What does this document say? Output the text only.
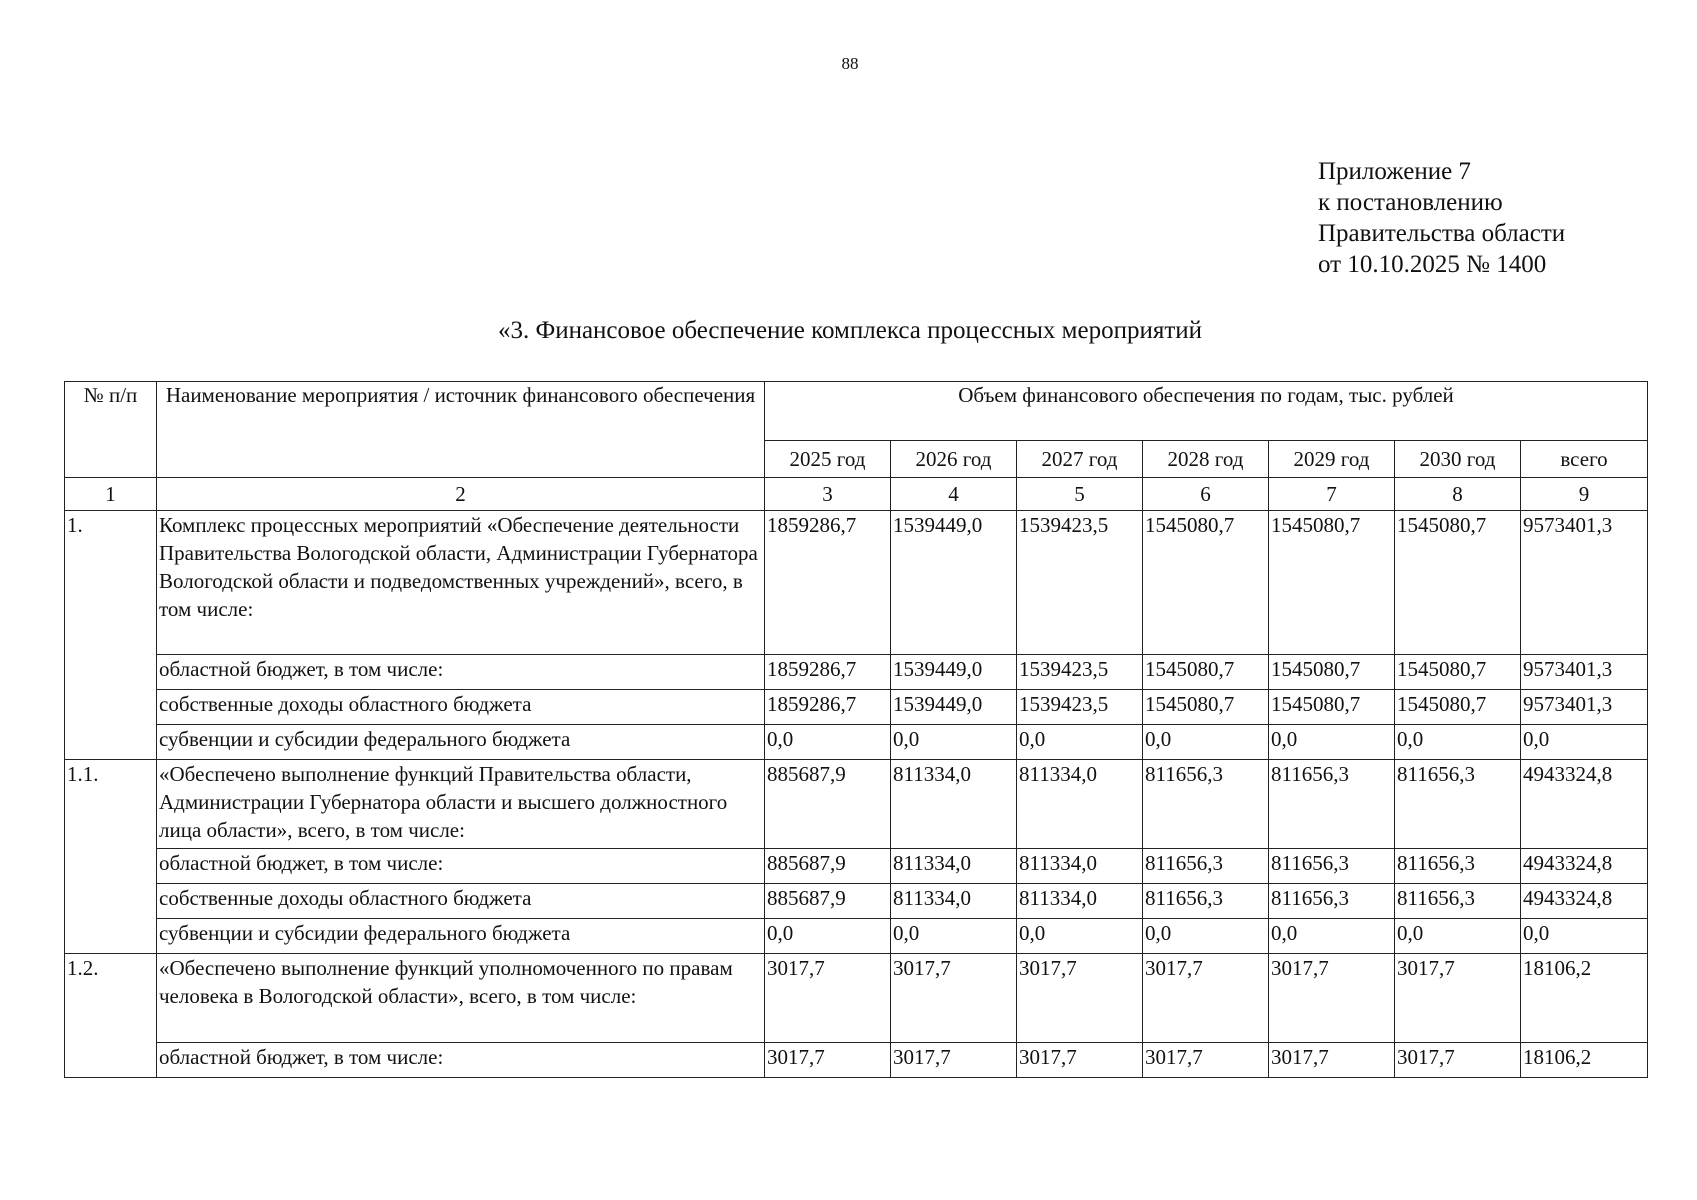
88
Приложение 7
к постановлению
Правительства области
от 10.10.2025 № 1400
«3. Финансовое обеспечение комплекса процессных мероприятий
№ п/п	Наименование мероприятия / источник финансового обеспечения	Объем финансового обеспечения по годам, тыс. рублей						
		2025 год	2026 год	2027 год	2028 год	2029 год	2030 год	всего
1	2	3	4	5	6	7	8	9
1.	Комплекс процессных мероприятий «Обеспечение деятельности Правительства Вологодской области, Администрации Губернатора Вологодской области и подведомственных учреждений», всего, в том числе:	1859286,7	1539449,0	1539423,5	1545080,7	1545080,7	1545080,7	9573401,3
	областной бюджет, в том числе:	1859286,7	1539449,0	1539423,5	1545080,7	1545080,7	1545080,7	9573401,3
	собственные доходы областного бюджета	1859286,7	1539449,0	1539423,5	1545080,7	1545080,7	1545080,7	9573401,3
	субвенции и субсидии федерального бюджета	0,0	0,0	0,0	0,0	0,0	0,0	0,0
1.1.	«Обеспечено выполнение функций Правительства области, Администрации Губернатора области и высшего должностного лица области», всего, в том числе:	885687,9	811334,0	811334,0	811656,3	811656,3	811656,3	4943324,8
	областной бюджет, в том числе:	885687,9	811334,0	811334,0	811656,3	811656,3	811656,3	4943324,8
	собственные доходы областного бюджета	885687,9	811334,0	811334,0	811656,3	811656,3	811656,3	4943324,8
	субвенции и субсидии федерального бюджета	0,0	0,0	0,0	0,0	0,0	0,0	0,0
1.2.	«Обеспечено выполнение функций уполномоченного по правам человека в Вологодской области», всего, в том числе:	3017,7	3017,7	3017,7	3017,7	3017,7	3017,7	18106,2
	областной бюджет, в том числе:	3017,7	3017,7	3017,7	3017,7	3017,7	3017,7	18106,2
